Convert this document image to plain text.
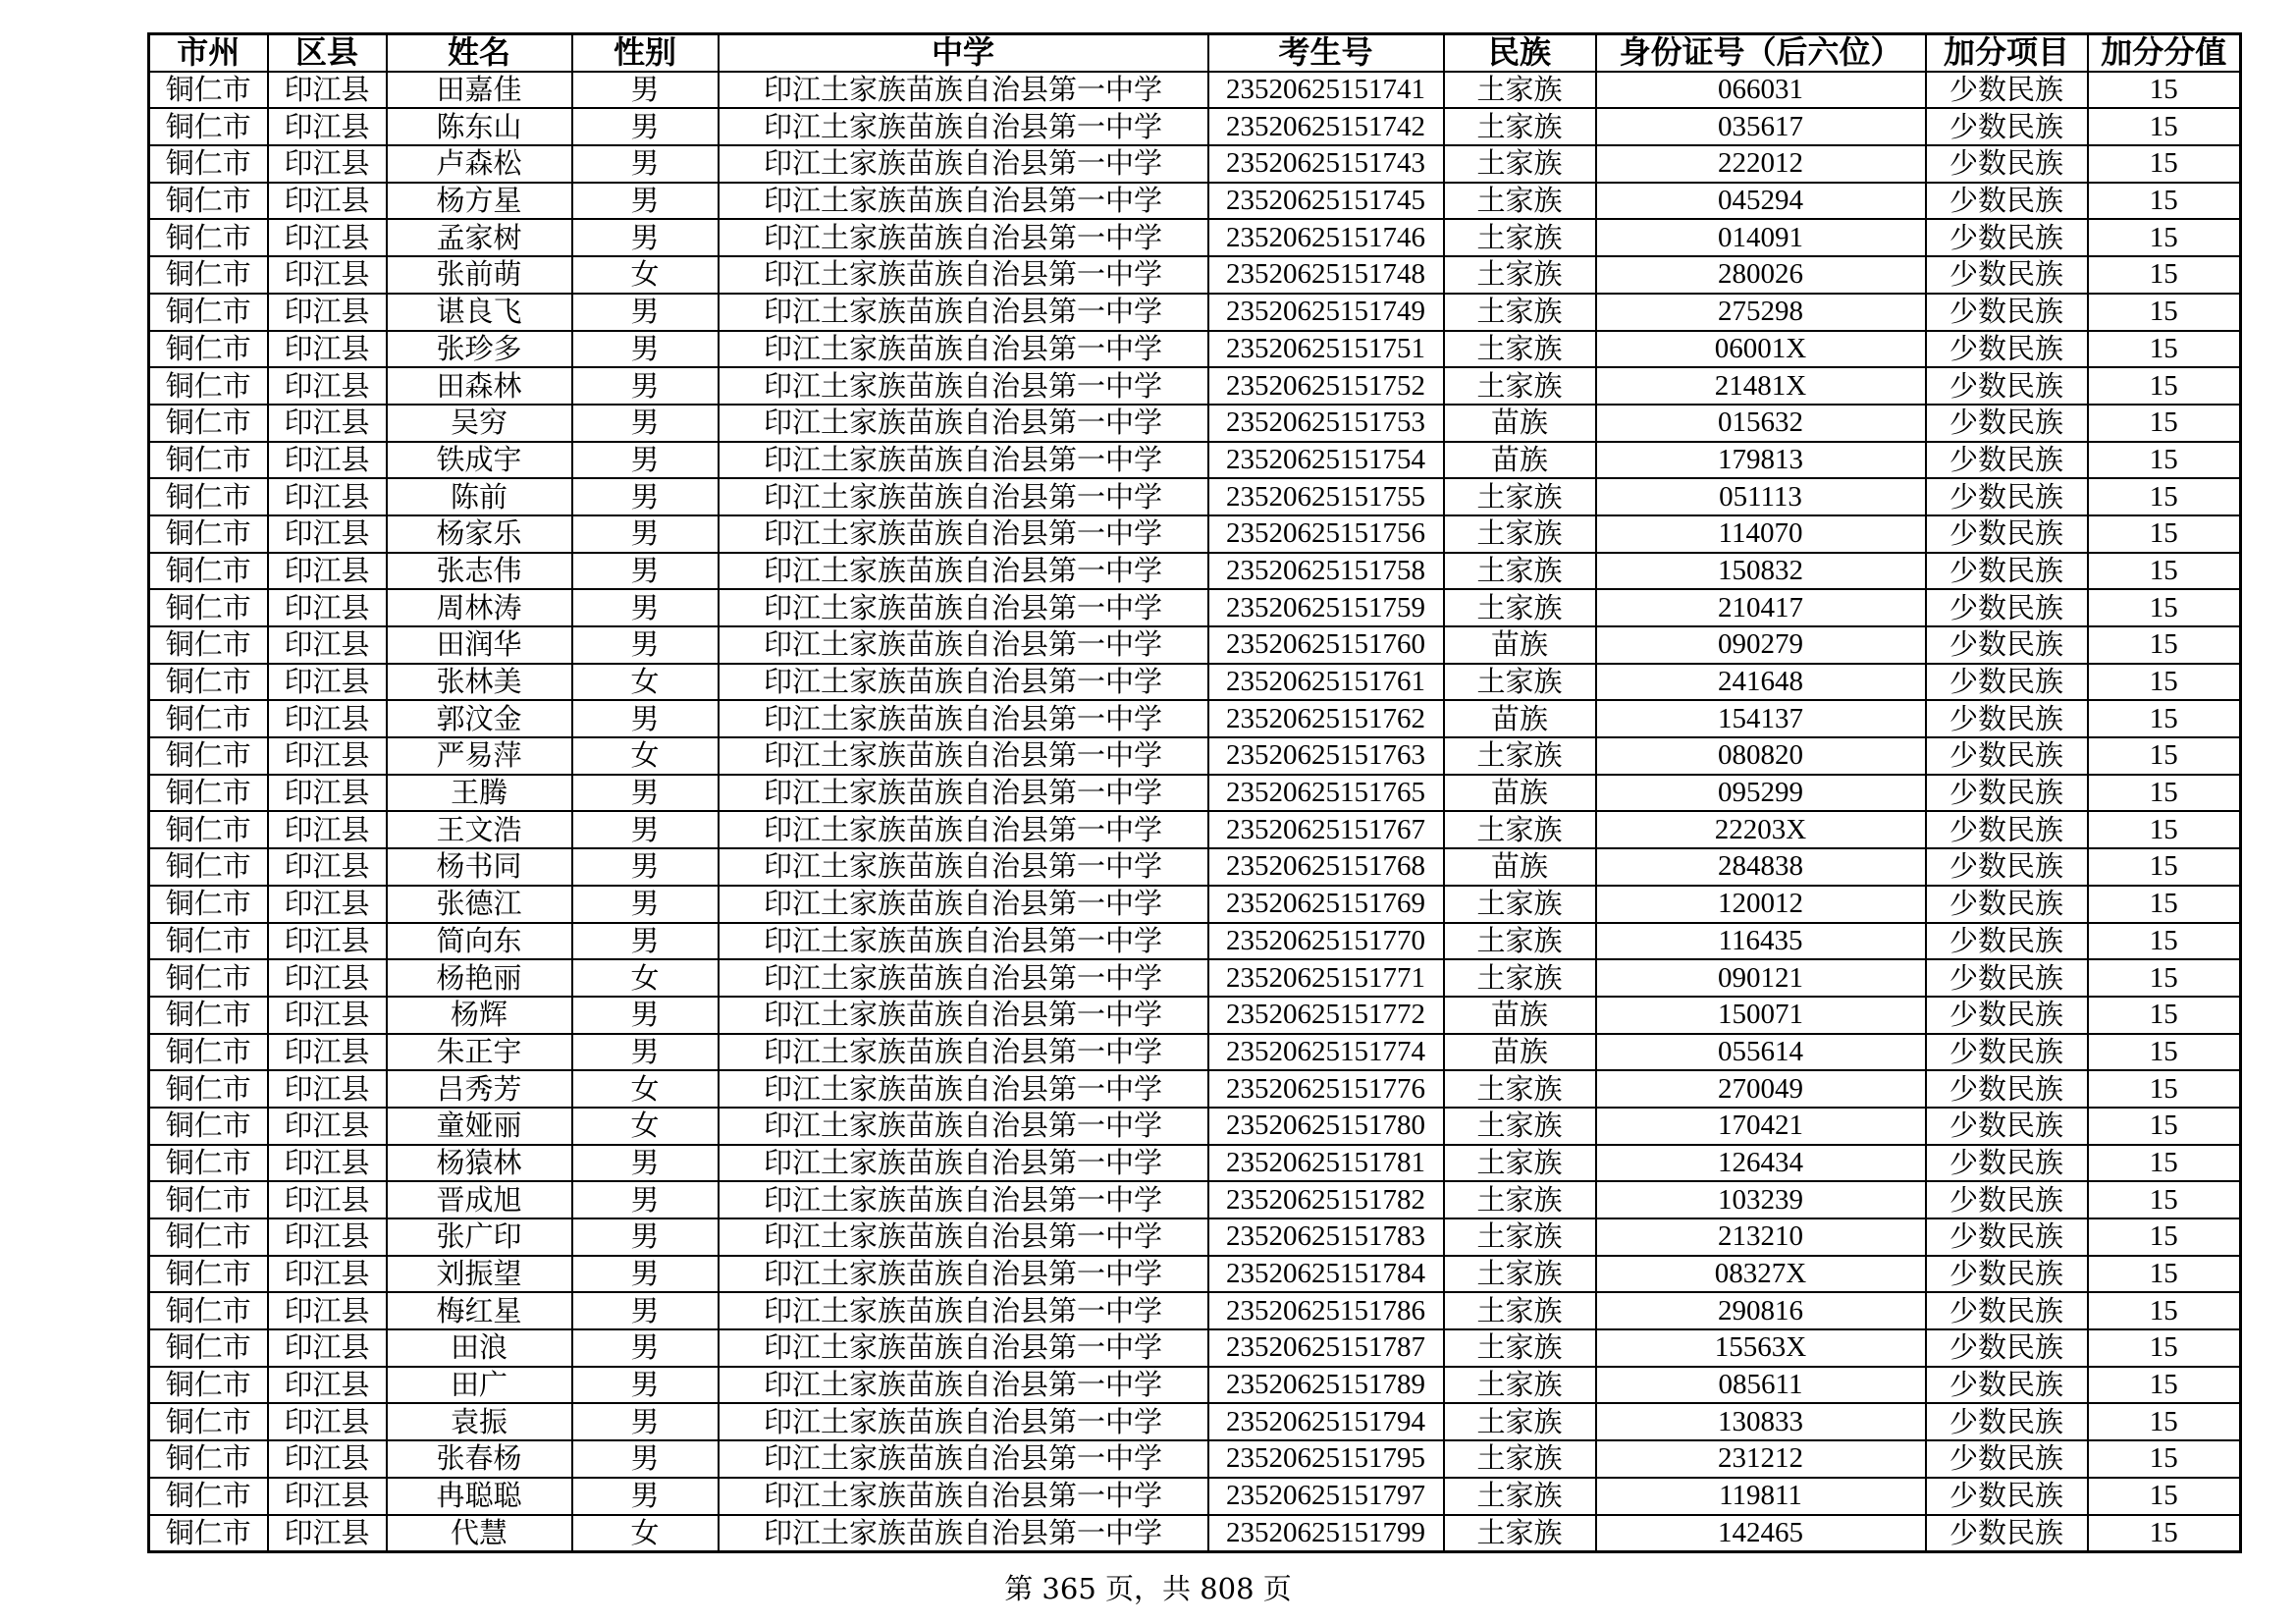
市州	区县	姓名	性别	中学	考生号	民族	身份证号（后六位）	加分项目	加分分值
铜仁市	印江县	田嘉佳	男	印江土家族苗族自治县第一中学	23520625151741	土家族	066031	少数民族	15
铜仁市	印江县	陈东山	男	印江土家族苗族自治县第一中学	23520625151742	土家族	035617	少数民族	15
铜仁市	印江县	卢森松	男	印江土家族苗族自治县第一中学	23520625151743	土家族	222012	少数民族	15
铜仁市	印江县	杨方星	男	印江土家族苗族自治县第一中学	23520625151745	土家族	045294	少数民族	15
铜仁市	印江县	孟家树	男	印江土家族苗族自治县第一中学	23520625151746	土家族	014091	少数民族	15
铜仁市	印江县	张前萌	女	印江土家族苗族自治县第一中学	23520625151748	土家族	280026	少数民族	15
铜仁市	印江县	谌良飞	男	印江土家族苗族自治县第一中学	23520625151749	土家族	275298	少数民族	15
铜仁市	印江县	张珍多	男	印江土家族苗族自治县第一中学	23520625151751	土家族	06001X	少数民族	15
铜仁市	印江县	田森林	男	印江土家族苗族自治县第一中学	23520625151752	土家族	21481X	少数民族	15
铜仁市	印江县	吴穷	男	印江土家族苗族自治县第一中学	23520625151753	苗族	015632	少数民族	15
铜仁市	印江县	铁成宇	男	印江土家族苗族自治县第一中学	23520625151754	苗族	179813	少数民族	15
铜仁市	印江县	陈前	男	印江土家族苗族自治县第一中学	23520625151755	土家族	051113	少数民族	15
铜仁市	印江县	杨家乐	男	印江土家族苗族自治县第一中学	23520625151756	土家族	114070	少数民族	15
铜仁市	印江县	张志伟	男	印江土家族苗族自治县第一中学	23520625151758	土家族	150832	少数民族	15
铜仁市	印江县	周林涛	男	印江土家族苗族自治县第一中学	23520625151759	土家族	210417	少数民族	15
铜仁市	印江县	田润华	男	印江土家族苗族自治县第一中学	23520625151760	苗族	090279	少数民族	15
铜仁市	印江县	张林美	女	印江土家族苗族自治县第一中学	23520625151761	土家族	241648	少数民族	15
铜仁市	印江县	郭汶金	男	印江土家族苗族自治县第一中学	23520625151762	苗族	154137	少数民族	15
铜仁市	印江县	严易萍	女	印江土家族苗族自治县第一中学	23520625151763	土家族	080820	少数民族	15
铜仁市	印江县	王腾	男	印江土家族苗族自治县第一中学	23520625151765	苗族	095299	少数民族	15
铜仁市	印江县	王文浩	男	印江土家族苗族自治县第一中学	23520625151767	土家族	22203X	少数民族	15
铜仁市	印江县	杨书同	男	印江土家族苗族自治县第一中学	23520625151768	苗族	284838	少数民族	15
铜仁市	印江县	张德江	男	印江土家族苗族自治县第一中学	23520625151769	土家族	120012	少数民族	15
铜仁市	印江县	简向东	男	印江土家族苗族自治县第一中学	23520625151770	土家族	116435	少数民族	15
铜仁市	印江县	杨艳丽	女	印江土家族苗族自治县第一中学	23520625151771	土家族	090121	少数民族	15
铜仁市	印江县	杨辉	男	印江土家族苗族自治县第一中学	23520625151772	苗族	150071	少数民族	15
铜仁市	印江县	朱正宇	男	印江土家族苗族自治县第一中学	23520625151774	苗族	055614	少数民族	15
铜仁市	印江县	吕秀芳	女	印江土家族苗族自治县第一中学	23520625151776	土家族	270049	少数民族	15
铜仁市	印江县	童娅丽	女	印江土家族苗族自治县第一中学	23520625151780	土家族	170421	少数民族	15
铜仁市	印江县	杨猿林	男	印江土家族苗族自治县第一中学	23520625151781	土家族	126434	少数民族	15
铜仁市	印江县	晋成旭	男	印江土家族苗族自治县第一中学	23520625151782	土家族	103239	少数民族	15
铜仁市	印江县	张广印	男	印江土家族苗族自治县第一中学	23520625151783	土家族	213210	少数民族	15
铜仁市	印江县	刘振望	男	印江土家族苗族自治县第一中学	23520625151784	土家族	08327X	少数民族	15
铜仁市	印江县	梅红星	男	印江土家族苗族自治县第一中学	23520625151786	土家族	290816	少数民族	15
铜仁市	印江县	田浪	男	印江土家族苗族自治县第一中学	23520625151787	土家族	15563X	少数民族	15
铜仁市	印江县	田广	男	印江土家族苗族自治县第一中学	23520625151789	土家族	085611	少数民族	15
铜仁市	印江县	袁振	男	印江土家族苗族自治县第一中学	23520625151794	土家族	130833	少数民族	15
铜仁市	印江县	张春杨	男	印江土家族苗族自治县第一中学	23520625151795	土家族	231212	少数民族	15
铜仁市	印江县	冉聪聪	男	印江土家族苗族自治县第一中学	23520625151797	土家族	119811	少数民族	15
铜仁市	印江县	代慧	女	印江土家族苗族自治县第一中学	23520625151799	土家族	142465	少数民族	15
第 365 页，共 808 页
